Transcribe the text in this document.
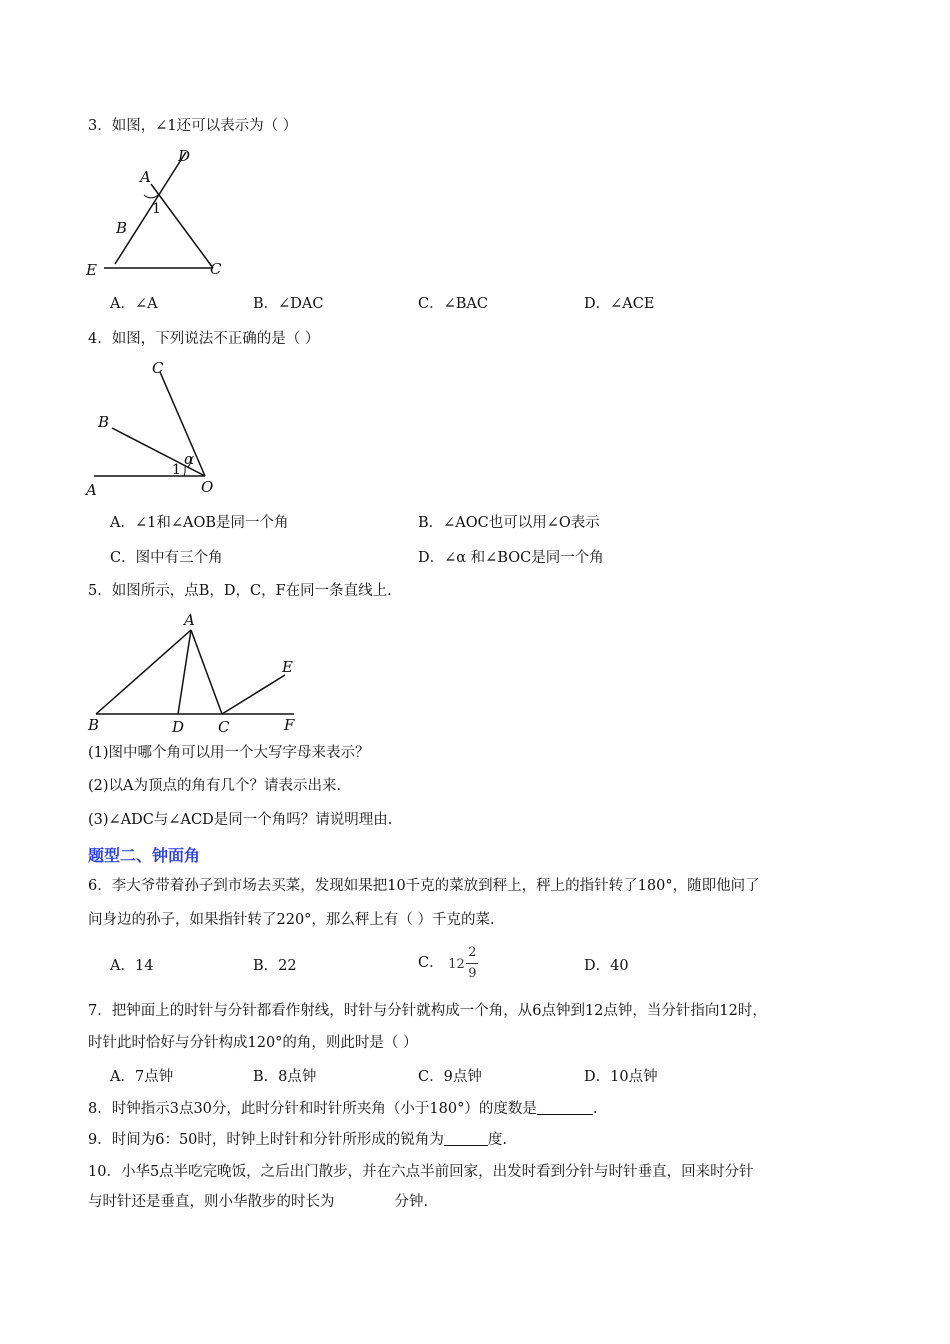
3．如图，∠1还可以表示为（ ）
D
A
1
B
E	C
A．∠A	B．∠DAC	C．∠BAC	D．∠ACE
4．如图，下列说法不正确的是（ ）
C
B
α
1
A	O
A．∠1和∠AOB是同一个角	B．∠AOC也可以用∠O表示
C．图中有三个角	D．∠α 和∠BOC是同一个角
5．如图所示，点B，D，C，F在同一条直线上.
A
E
B	D C	F
(1)图中哪个角可以用一个大写字母来表示？
(2)以A为顶点的角有几个？请表示出来.
(3)∠ADC与∠ACD是同一个角吗？请说明理由.
题型二、钟面角
6．李大爷带着孙子到市场去买菜，发现如果把10千克的菜放到秤上，秤上的指针转了180°，随即他问了
问身边的孙子，如果指针转了220°，那么秤上有（ ）千克的菜.
A．14	B．22	C． 12
2
9	D．40
7．把钟面上的时针与分针都看作射线，时针与分针就构成一个角，从6点钟到12点钟，当分针指向12时，
时针此时恰好与分针构成120°的角，则此时是（ ）
A．7点钟	B．8点钟	C．9点钟	D．10点钟
8．时钟指示3点30分，此时分针和时针所夹角（小于180°）的度数是	.
9．时间为6：50时，时钟上时针和分针所形成的锐角为	度.
10．小华5点半吃完晚饭，之后出门散步，并在六点半前回家，出发时看到分针与时针垂直，回来时分针
与时针还是垂直，则小华散步的时长为	分钟.
